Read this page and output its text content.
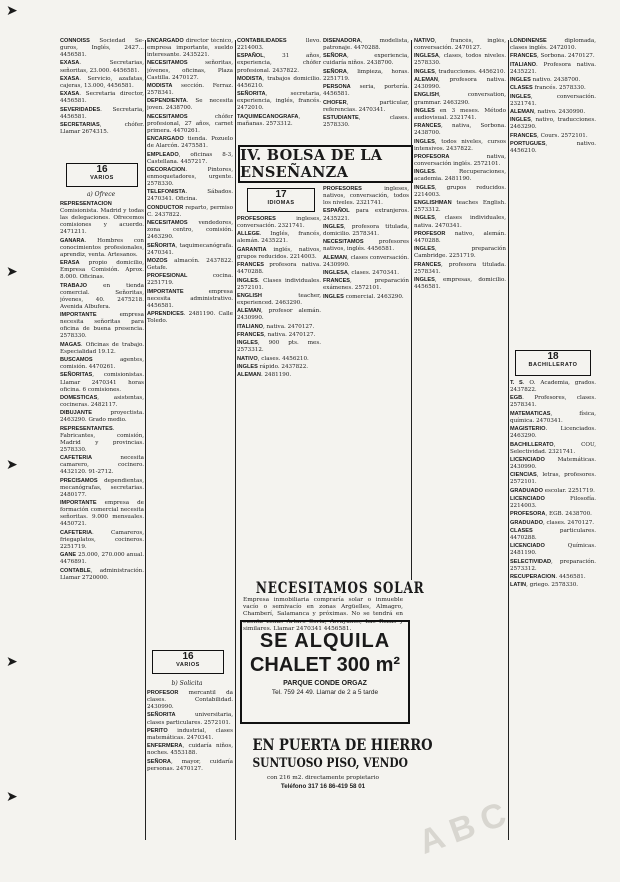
➤
➤
➤
➤
➤

CONNOISS Sociedad Se- guros, Inglés, 2427... 4456581.

EXASA. Secretarias, señoritas, 23.000. 4456581.

EXASA. Servicio, azafatas, cajeras, 13.000, 4456581.

EXASA. Secretaria director, 4456581.

SEVERIDADES. Secretaria, 4456581.

SECRETARIAS, chófer. Llamar 2674315.

16
VARIOS
a) Ofrece

REPRESENTACION Comisionista. Madrid y todas las delegaciones. Ofrecemos comisiones y acuerdo. 2471211.

GANARA. Hombres con conocimientos profesionales, aprendiz, venta. Artesanos.

ERASA propio domicilio, Empresa Comisión. Aprox. 8.000. Oficinas.

TRABAJO en tienda comercial. Señoritas, jóvenes, 40. 2475218. Avenida Albufera.

IMPORTANTE empresa necesita señoritas para oficina de buena presencia. 2578330.

MAGAS. Oficinas de trabajo. Especialidad 19.12.

BUSCAMOS agentes, comisión. 4470261.

SEÑORITAS, comisionistas. Llamar 2470341 horas oficina. 6 comisiones.

DOMESTICAS, asistentas, cocineras. 2482117.

DIBUJANTE proyectista. 2463290. Grado medio.

REPRESENTANTES. Fabricantes, comisión, Madrid y provincias. 2578330.

CAFETERIA necesita camarero, cocinero. 4432120. 91-2712.

PRECISAMOS dependientas, mecanógrafas, secretarias. 2480177.

IMPORTANTE empresa de formación comercial necesita señoritas. 9.000 mensuales. 4450721.

CAFETERIA. Camareros, friegaplatos, cocineros. 2251719.

GANE 25.000, 270.000 anual. 4476891.

CONTABLE, administración. Llamar 2720000.

ENCARGADO director técnico, empresa importante, sueldo interesante. 2435221.

NECESITAMOS señoritas, jóvenes, oficinas, Plaza Castilla. 2470127.

MODISTA sección. Ferraz. 2578341.

DEPENDIENTA. Se necesita joven. 2438700.

NECESITAMOS chófer profesional, 27 años, carnet primera. 4470261.

ENCARGADO tienda. Pozuelo de Alarcón. 2475581.

EMPLEADO, oficinas 8-3, Castellana. 4457217.

DECORACION. Pintores, enmoquetadores, urgente. 2578330.

TELEFONISTA. Sábados. 2470341. Oficina.

CONDUCTOR reparto, permiso C. 2437822.

NECESITAMOS vendedores, zona centro, comisión. 2463290.

SEÑORITA, taquimecanógrafa. 2470341.

MOZOS almacén. 2437822. Getafe.

PROFESIONAL cocina. 2251719.

IMPORTANTE empresa necesita administrativo. 4456581.

APRENDICES. 2481190. Calle Toledo.

16
VARIOS
b) Solicita

PROFESOR mercantil da clases. Contabilidad. 2430990.

SEÑORITA universitaria, clases particulares. 2572101.

PERITO industrial, clases matemáticas. 2470341.

ENFERMERA, cuidaría niños, noches. 4553188.

SEÑORA, mayor, cuidaría personas. 2470127.

CONTABILIDADES llevo. 2214003.

ESPAÑOL, 31 años, experiencia, chófer profesional. 2437822.

MODISTA, trabajos domicilio. 4456210.

SEÑORITA, secretaria, experiencia, inglés, francés. 2472010.

TAQUIMECANOGRAFA, mañanas. 2573312.

DISEÑADORA, modelista, patronaje. 4470288.

SEÑORA, experiencia, cuidaría niños. 2438700.

SEÑORA, limpieza, horas. 2251719.

PERSONA seria, portería. 4456581.

CHOFER, particular, referencias. 2470341.

ESTUDIANTE, clases. 2578330.

IV. BOLSA DE LA ENSEÑANZA
17
IDIOMAS

PROFESORES ingleses, conversación. 2321741.

ALLEGE. Inglés, francés, alemán. 2435221.

GARANTIA inglés, nativos, grupos reducidos. 2214003.

FRANCES profesora nativa. 4470288.

INGLES. Clases individuales. 2572101.

ENGLISH teacher, experienced. 2463290.

ALEMAN, profesor alemán. 2430990.

ITALIANO, nativa. 2470127.

FRANCES, nativa. 2470127.

INGLES, 900 pts. mes. 2573312.

NATIVO, clases. 4456210.

INGLES rápido. 2437822.

ALEMAN. 2481190.

PROFESORES ingleses, nativos, conversación, todos los niveles. 2321741.

ESPAÑOL para extranjeros. 2435221.

INGLES, profesora titulada, domicilio. 2578341.

NECESITAMOS profesores nativos, inglés. 4456581.

ALEMAN, clases conversación. 2430990.

INGLESA, clases. 2470341.

FRANCES, preparación exámenes. 2572101.

INGLES comercial. 2463290.

NECESITAMOS SOLAR
Empresa inmobiliaria compraría solar o inmueble vacío o semivacío en zonas Argüelles, Almagro, Chamberí, Salamanca y próximas. No se tendrá en cuenta zonas Arturo Soria, Arrayanes, Las Rozas y similares. Llamar 2470341 4456581.
SE ALQUILA
CHALET 300 m²
PARQUE CONDE ORGAZ
Tel. 759 24 49. Llamar de 2 a 5 tarde
EN PUERTA DE HIERRO
SUNTUOSO PISO, VENDO
con 216 m2. directamente propietario
Teléfono 317 16 86-419 58 01

NATIVO, francés, inglés, conversación. 2470127.

INGLESA, clases, todos niveles. 2578330.

INGLES, traducciones. 4456210.

ALEMAN, profesora nativa. 2430990.

ENGLISH, conversation, grammar. 2463290.

INGLES en 3 meses. Método audiovisual. 2321741.

FRANCES, nativa, Sorbona. 2438700.

INGLES, todos niveles, cursos intensivos. 2437822.

PROFESORA nativa, conversación inglés. 2572101.

INGLES. Recuperaciones, academia. 2481190.

INGLES, grupos reducidos. 2214003.

ENGLISHMAN teaches English. 2573312.

INGLES, clases individuales, nativa. 2470341.

PROFESOR nativo, alemán. 4470288.

INGLES, preparación Cambridge. 2251719.

FRANCES, profesora titulada. 2578341.

INGLES, empresas, domicilio. 4456581.

LONDINENSE diplomada, clases inglés. 2472010.

FRANCES, Sorbona. 2470127.

ITALIANO. Profesora nativa. 2435221.

INGLES nativo. 2438700.

CLASES francés. 2578330.

INGLES, conversación. 2321741.

ALEMAN, nativo. 2430990.

INGLES, nativo, traducciones. 2463290.

FRANCES, Cours. 2572101.

PORTUGUES, nativo. 4456210.

18
BACHILLERATO

T. S. O. Academia, grados. 2437822.

EGB. Profesores, clases. 2578341.

MATEMATICAS, física, química. 2470341.

MAGISTERIO. Licenciados. 2463290.

BACHILLERATO, COU, Selectividad. 2321741.

LICENCIADO Matemáticas. 2430990.

CIENCIAS, letras, profesores. 2572101.

GRADUADO escolar. 2251719.

LICENCIADO Filosofía. 2214003.

PROFESORA, EGB. 2438700.

GRADUADO, clases. 2470127.

CLASES particulares. 4470288.

LICENCIADO Químicas. 2481190.

SELECTIVIDAD, preparación. 2573312.

RECUPERACION. 4456581.

LATIN, griego. 2578330.

ABC
